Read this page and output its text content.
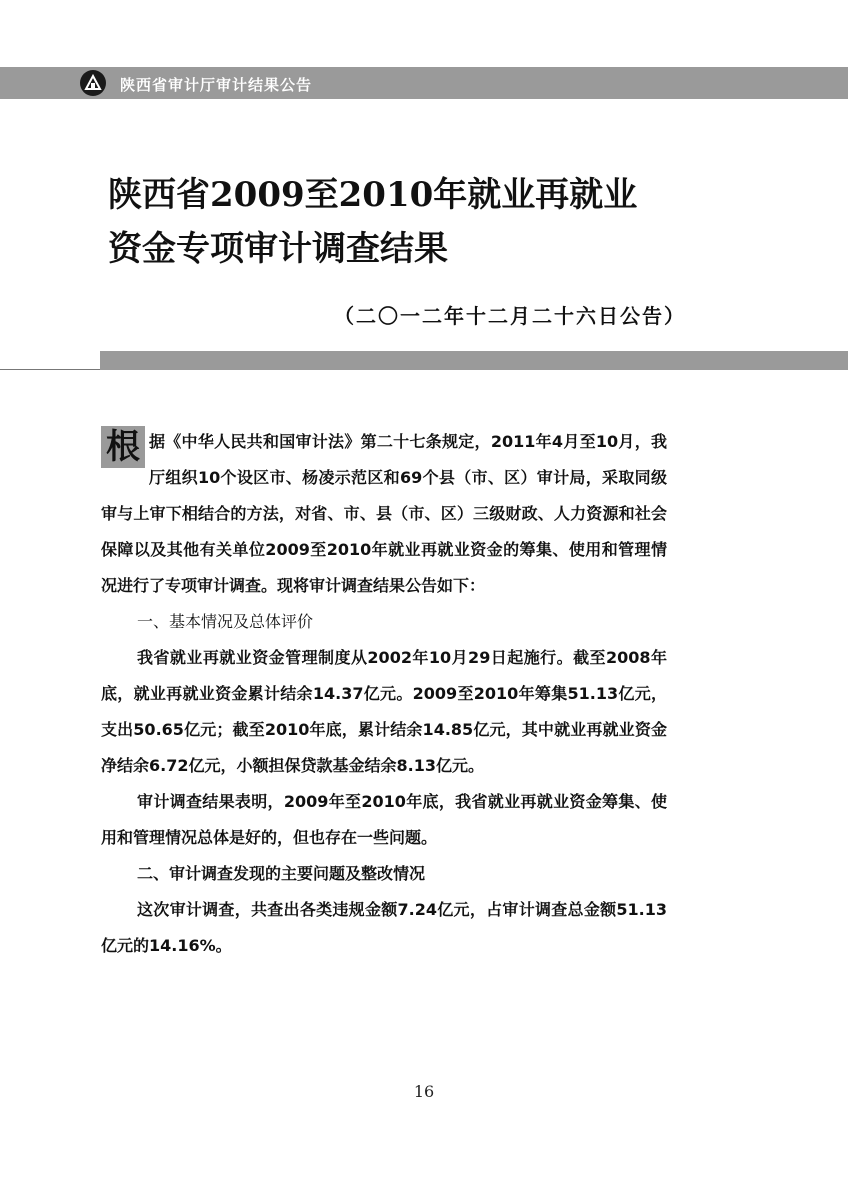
陕西省审计厅审计结果公告
陕西省2009至2010年就业再就业
资金专项审计调查结果
（二〇一二年十二月二十六日公告）

根 据《中华人民共和国审计法》第二十七条规定，2011年4月至10月，我厅组织10个设区市、杨凌示范区和69个县（市、区）审计局，采取同级审与上审下相结合的方法，对省、市、县（市、区）三级财政、人力资源和社会保障以及其他有关单位2009至2010年就业再就业资金的筹集、使用和管理情况进行了专项审计调查。现将审计调查结果公告如下：

一、基本情况及总体评价

我省就业再就业资金管理制度从2002年10月29日起施行。截至2008年底，就业再就业资金累计结余14.37亿元。2009至2010年筹集51.13亿元，支出50.65亿元；截至2010年底，累计结余14.85亿元，其中就业再就业资金净结余6.72亿元，小额担保贷款基金结余8.13亿元。

审计调查结果表明，2009年至2010年底，我省就业再就业资金筹集、使用和管理情况总体是好的，但也存在一些问题。

二、审计调查发现的主要问题及整改情况

这次审计调查，共查出各类违规金额7.24亿元，占审计调查总金额51.13亿元的14.16%。

16
